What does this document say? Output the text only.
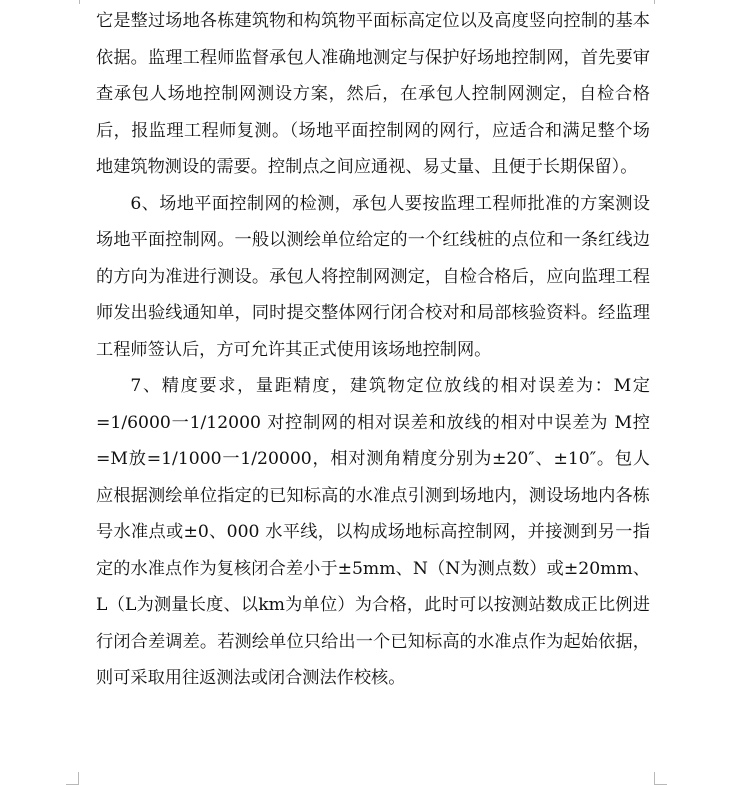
它是整过场地各栋建筑物和构筑物平面标高定位以及高度竖向控制的基本依据。监理工程师监督承包人准确地测定与保护好场地控制网，首先要审查承包人场地控制网测设方案，然后，在承包人控制网测定，自检合格后，报监理工程师复测。（场地平面控制网的网行，应适合和满足整个场地建筑物测设的需要。控制点之间应通视、易丈量、且便于长期保留）。

6、场地平面控制网的检测，承包人要按监理工程师批准的方案测设场地平面控制网。一般以测绘单位给定的一个红线桩的点位和一条红线边的方向为准进行测设。承包人将控制网测定，自检合格后，应向监理工程师发出验线通知单，同时提交整体网行闭合校对和局部核验资料。经监理工程师签认后，方可允许其正式使用该场地控制网。

7、精度要求，量距精度，建筑物定位放线的相对误差为：M定=1/6000一1/12000 对控制网的相对误差和放线的相对中误差为 M控=M放=1/1000一1/20000，相对测角精度分别为±20″、±10″。包人应根据测绘单位指定的已知标高的水准点引测到场地内，测设场地内各栋号水准点或±0、000 水平线，以构成场地标高控制网，并接测到另一指定的水准点作为复核闭合差小于±5mm、N（N为测点数）或±20mm、L（L为测量长度、以km为单位）为合格，此时可以按测站数成正比例进行闭合差调差。若测绘单位只给出一个已知标高的水准点作为起始依据，则可采取用往返测法或闭合测法作校核。
